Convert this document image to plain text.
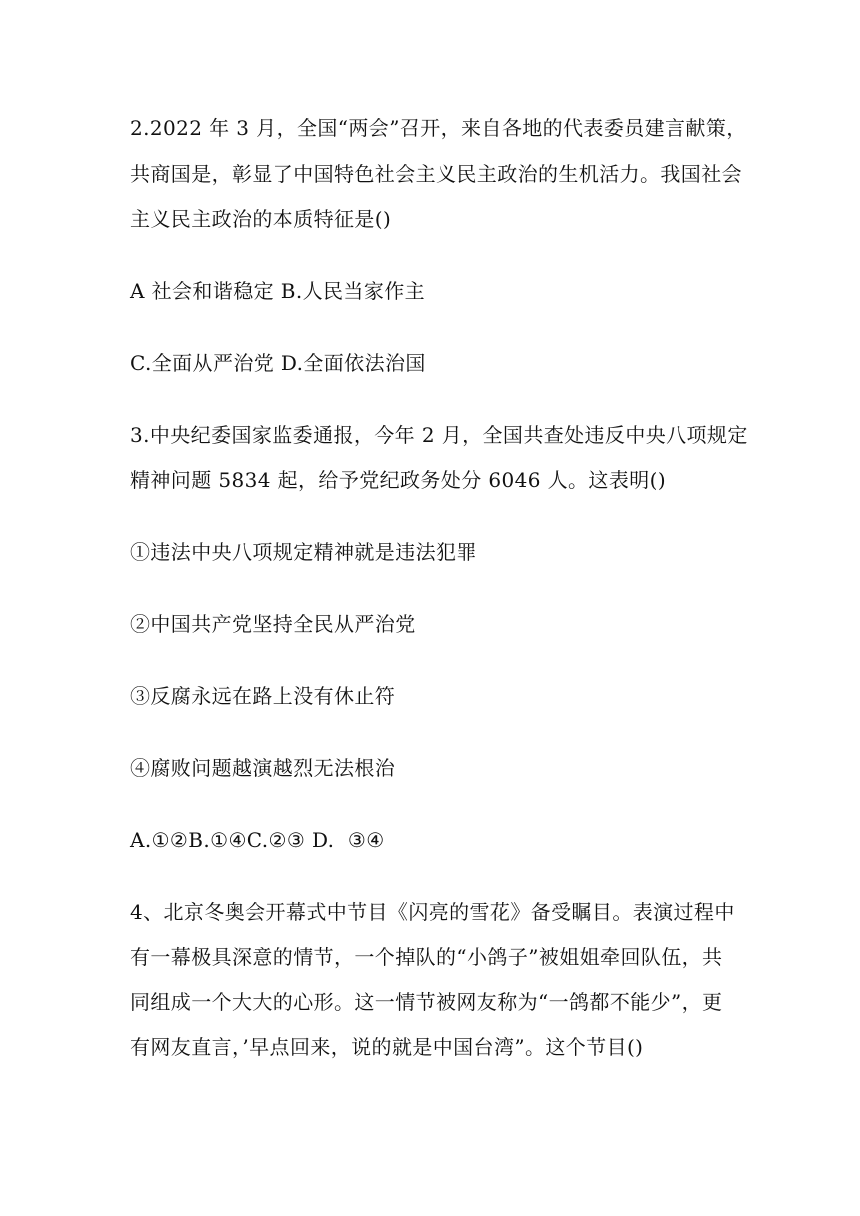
2.2022 年 3 月，全国“两会”召开，来自各地的代表委员建言献策，
共商国是，彰显了中国特色社会主义民主政治的生机活力。我国社会
主义民主政治的本质特征是()
A 社会和谐稳定 B.人民当家作主
C.全面从严治党 D.全面依法治国
3.中央纪委国家监委通报，今年 2 月，全国共查处违反中央八项规定
精神问题 5834 起，给予党纪政务处分 6046 人。这表明()
①违法中央八项规定精神就是违法犯罪
②中国共产党坚持全民从严治党
③反腐永远在路上没有休止符
④腐败问题越演越烈无法根治
A.①②B.①④C.②③ D.  ③④
4、北京冬奥会开幕式中节目《闪亮的雪花》备受瞩目。表演过程中
有一幕极具深意的情节，一个掉队的“小鸽子”被姐姐牵回队伍，共
同组成一个大大的心形。这一情节被网友称为“一鸽都不能少”，更
有网友直言，’早点回来，说的就是中国台湾”。这个节目()
